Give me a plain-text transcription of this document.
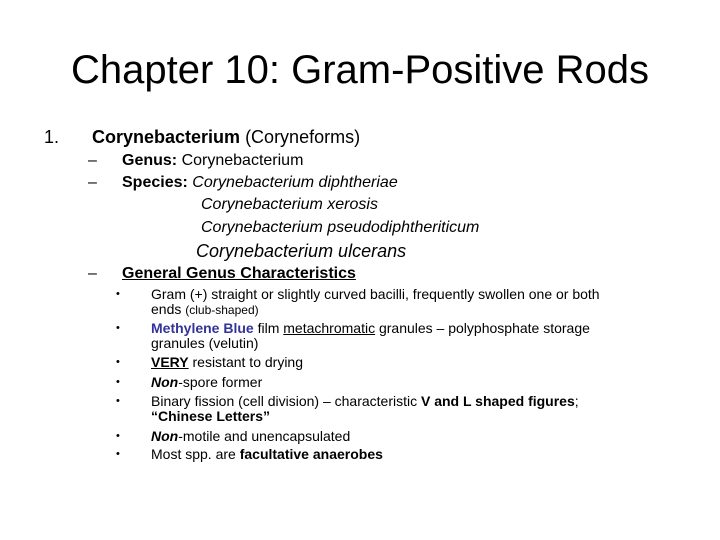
Chapter 10: Gram-Positive Rods
1. Corynebacterium (Coryneforms)
– Genus: Corynebacterium
– Species: Corynebacterium diphtheriae
Corynebacterium xerosis
Corynebacterium pseudodiphtheriticum
Corynebacterium ulcerans
– General Genus Characteristics
• Gram (+) straight or slightly curved bacilli, frequently swollen one or both
ends (club-shaped)
• Methylene Blue film metachromatic granules – polyphosphate storage
granules (velutin)
• VERY resistant to drying
• Non-spore former
• Binary fission (cell division) – characteristic V and L shaped figures;
“Chinese Letters”
• Non-motile and unencapsulated
• Most spp. are facultative anaerobes
